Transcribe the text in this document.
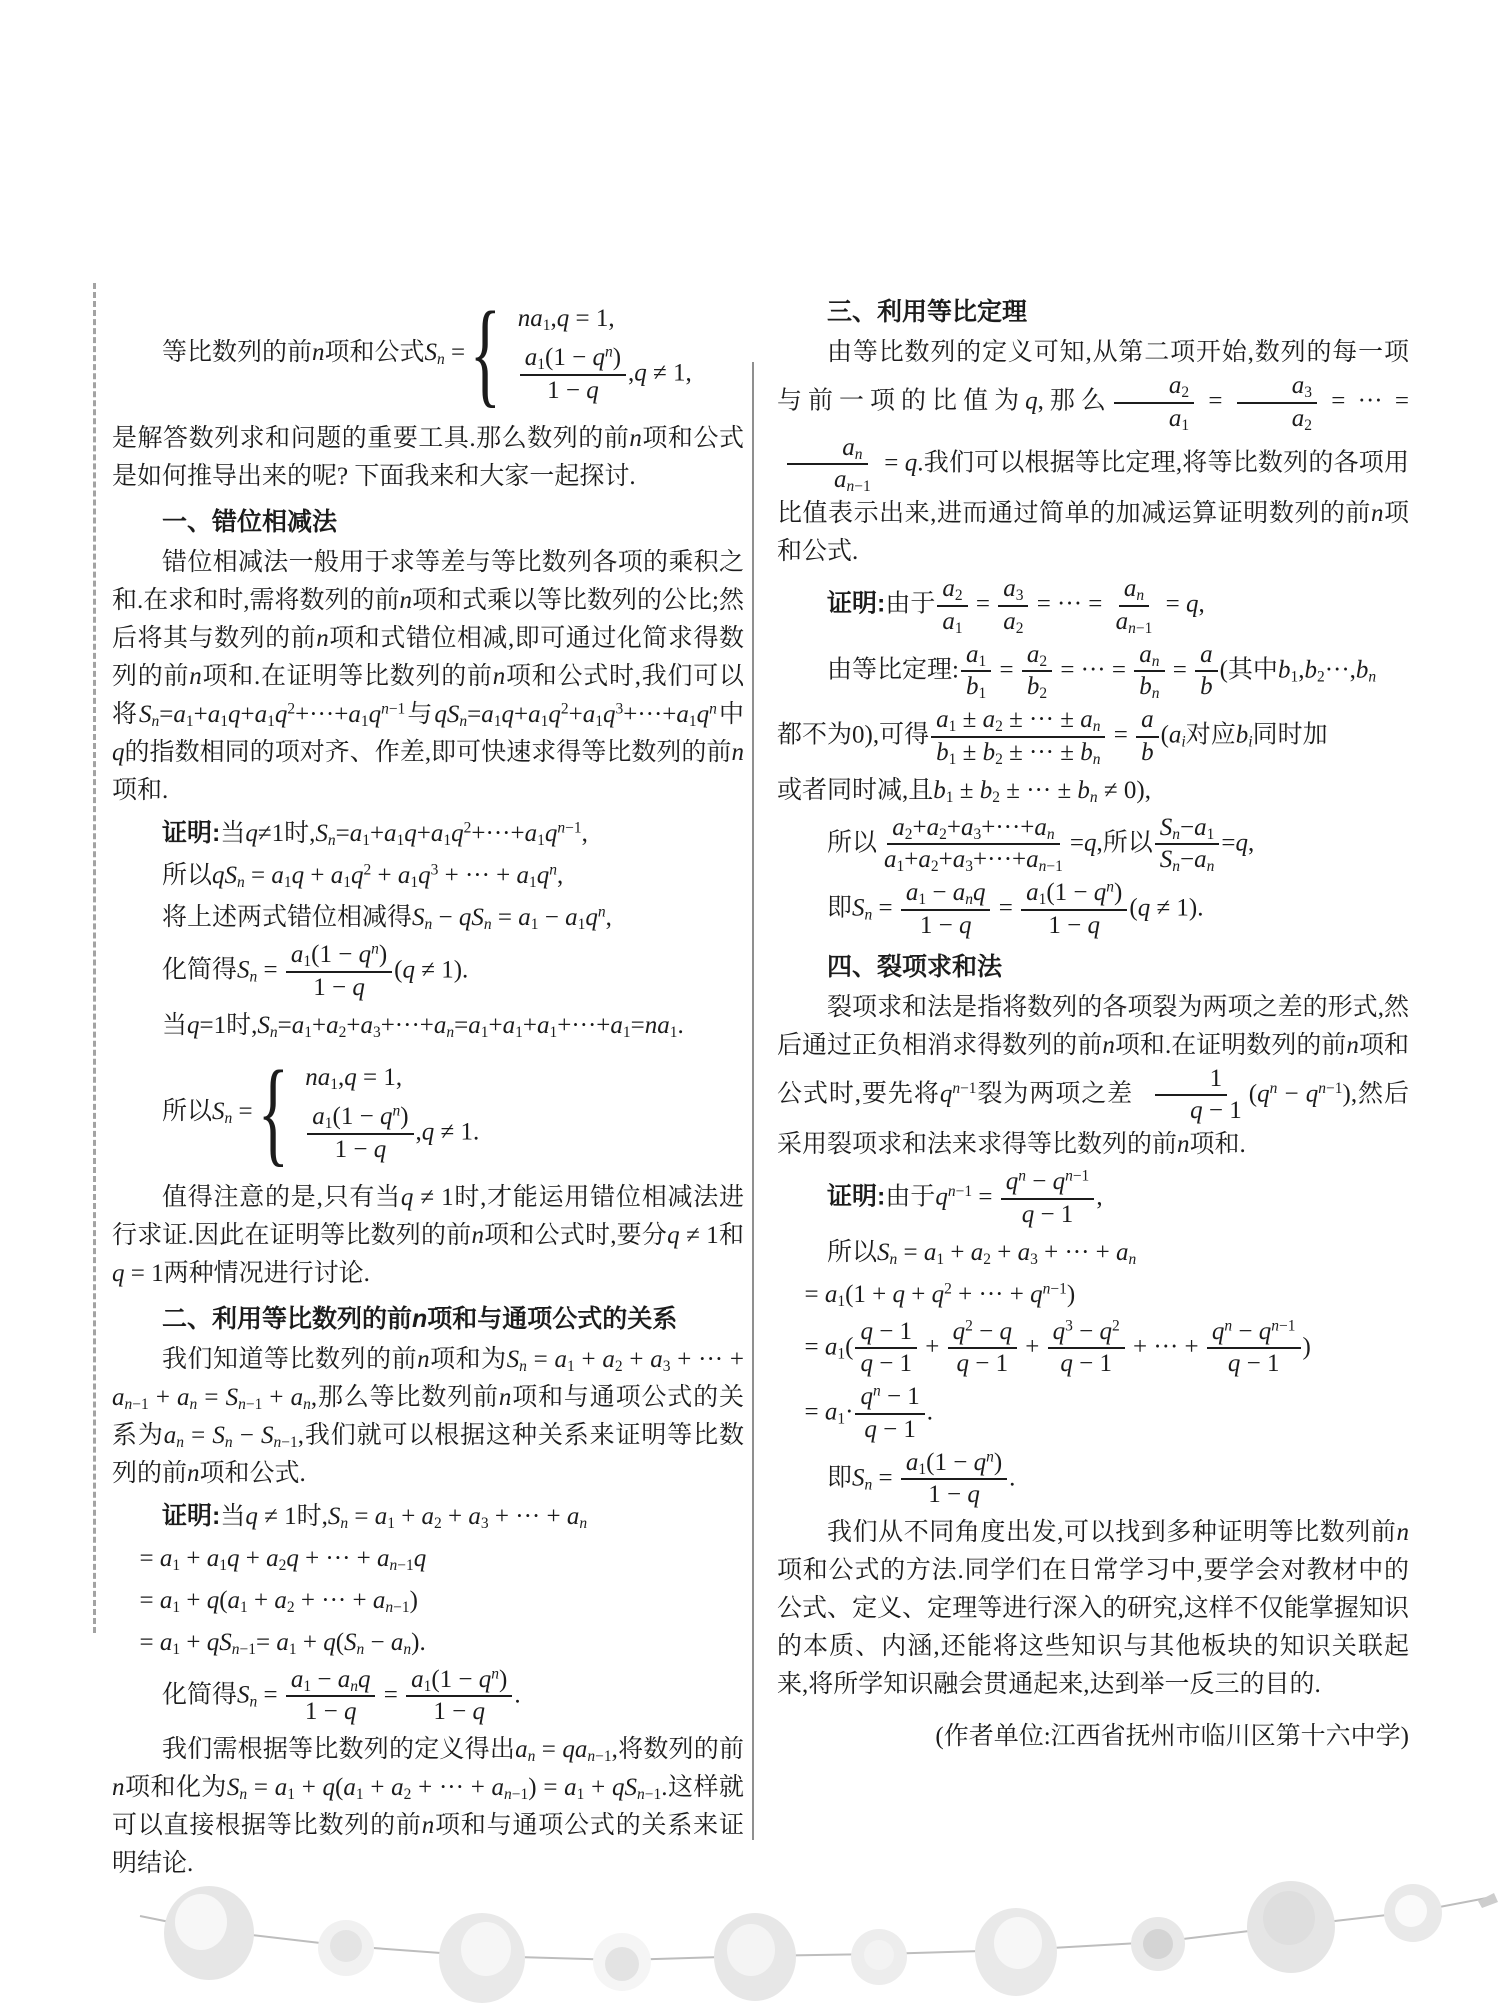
等比数列的前n项和公式$S_n$ = { $na_1,q = 1$,
$\frac{a_1(1 - q^n)}{1 - q} ,q \ne 1$,
是解答数列求和问题的重要工具.那么数列的前n项和公式是如何推导出来的呢? 下面我来和大家一起探讨.
一、错位相减法
错位相减法一般用于求等差与等比数列各项的乘积之和.在求和时,需将数列的前n项和式乘以等比数列的公比;然后将其与数列的前n项和式错位相减,即可通过化简求得数列的前n项和.在证明等比数列的前n项和公式时,我们可以将$S_n=a_1+a_1q+a_1q^2+\cdot\cdot\cdot+a_1q^{n-1}$与$qS_n=a_1q+a_1q^2+a_1q^3+\cdot\cdot\cdot+a_1q^n$中q的指数相同的项对齐、作差,即可快速求得等比数列的前n项和.
证明:当q≠1时$,S_n=a_1+a_1q+a_1q^2+\cdot\cdot\cdot+a_1q^{n-1}$,
所以$qS_n = a_1q + a_1q^2 + a_1q^3$ + ··· + $a_1q^n$,
将上述两式错位相减得$S_n - qS_n = a_1 - a_1q^n$,
化简得$S_n = \frac{a_1(1 - q^n)}{1 - q} (q \ne 1)$.
当q=1时$,S_n=a_1+a_2+a_3+\cdot\cdot\cdot+a_n=a_1+a_1+a_1+\cdot\cdot\cdot+a_1=na_1$.
所以$S_n$ = { $na_1,q = 1$,
$\frac{a_1(1 - q^n)}{1 - q} ,q \ne 1$.
值得注意的是,只有当q ≠ 1时,才能运用错位相减法进行求证.因此在证明等比数列的前n项和公式时,要分q ≠ 1和q = 1两种情况进行讨论.
二、利用等比数列的前n项和与通项公式的关系
我们知道等比数列的前n项和为$S_n = a_1 + a_2 + a_3$ + ··· + $a_{n-1} + a_n = S_{n-1} + a_n$,那么等比数列前n项和与通项公式的关系为$a_n = S_n - S_{n-1}$,我们就可以根据这种关系来证明等比数列的前n项和公式.
证明:当q ≠ 1时$,S_n = a_1 + a_2 + a_3$ + ··· + $a_n$
= $a_1 + a_1q + a_2q$ + ··· + $a_{n-1}q$
= $a_1 + q(a_1 + a_2$ + ··· + $a_{n-1}$)
= $a_1 + qS_{n-1}= a_1 + q(S_n - a_n)$.
化简得$S_n = \frac{a_1 - a_nq}{1 - q} = \frac{a_1(1 - q^n)}{1 - q}$ .
我们需根据等比数列的定义得出$a_n = qa_{n-1}$,将数列的前n项和化为$S_n = a_1 + q(a_1 + a_2$ + ··· + $a_{n-1}) = a_1 + qS_{n-1}$.这样就可以直接根据等比数列的前n项和与通项公式的关系来证明结论.
三、利用等比定理
由等比数列的定义可知,从第二项开始,数列的每一项与前一项的比值为q,那么 $\frac{a_2}{a_1} = \frac{a_3}{a_2}$ = ··· =
$\frac{a_n}{a_{n-1}} = q$.我们可以根据等比定理,将等比数列的各项用比值表示出来,进而通过简单的加减运算证明数列的前n项和公式.
证明:由于 $\frac{a_2}{a_1} = \frac{a_3}{a_2}$ = ··· = $\frac{a_n}{a_{n-1}} = q$,
由等比定理: $\frac{a_1}{b_1} = \frac{a_2}{b_2}$ = ··· = $\frac{a_n}{b_n} = \frac{a}{b}$ (其中$b_1,b_2\cdot\cdot\cdot,b_n$
都不为0),可得 $\frac{a_1 \pm a_2 \pm \cdot\cdot\cdot \pm a_n}{b_1 \pm b_2 \pm \cdot\cdot\cdot \pm b_n} = \frac{a}{b} (a_i$对应$b_i$同时加
或者同时减,且$b_1 \pm b_2$ ± ··· ± $b_n \ne 0$),
所以 $\frac{a_2+a_2+a_3+\cdot\cdot\cdot+a_n}{a_1+a_2+a_3+\cdot\cdot\cdot+a_{n-1}} =q$,所以 $\frac{S_n-a_1}{S_n-a_n} =q$,
即$S_n = \frac{a_1 - a_nq}{1 - q} = \frac{a_1(1 - q^n)}{1 - q} (q \ne 1)$.
四、裂项求和法
裂项求和法是指将数列的各项裂为两项之差的形式,然后通过正负相消求得数列的前n项和.在证明数列的前n项和公式时,要先将$q^{n-1}$裂为两项之差 $\frac{1}{q - 1} (q^n - q^{n-1})$,然后采用裂项求和法来求得等比数列的前n项和.
证明:由于$q^{n-1} = \frac{q^n - q^{n-1}}{q - 1}$ ,
所以$S_n = a_1 + a_2 + a_3$ + ··· + $a_n$
= $a_1(1 + q + q^2$ + ··· + $q^{n-1}$)
= $a_1( \frac{q - 1}{q - 1} + \frac{q^2 - q}{q - 1} + \frac{q^3 - q^2}{q - 1}$ + ··· + $\frac{q^n - q^{n-1}}{q - 1}$ )
= $a_1\cdot \frac{q^n - 1}{q - 1}$ .
即$S_n = \frac{a_1(1 - q^n)}{1 - q}$ .
我们从不同角度出发,可以找到多种证明等比数列前n项和公式的方法.同学们在日常学习中,要学会对教材中的公式、定义、定理等进行深入的研究,这样不仅能掌握知识的本质、内涵,还能将这些知识与其他板块的知识关联起来,将所学知识融会贯通起来,达到举一反三的目的.
(作者单位:江西省抚州市临川区第十六中学)
